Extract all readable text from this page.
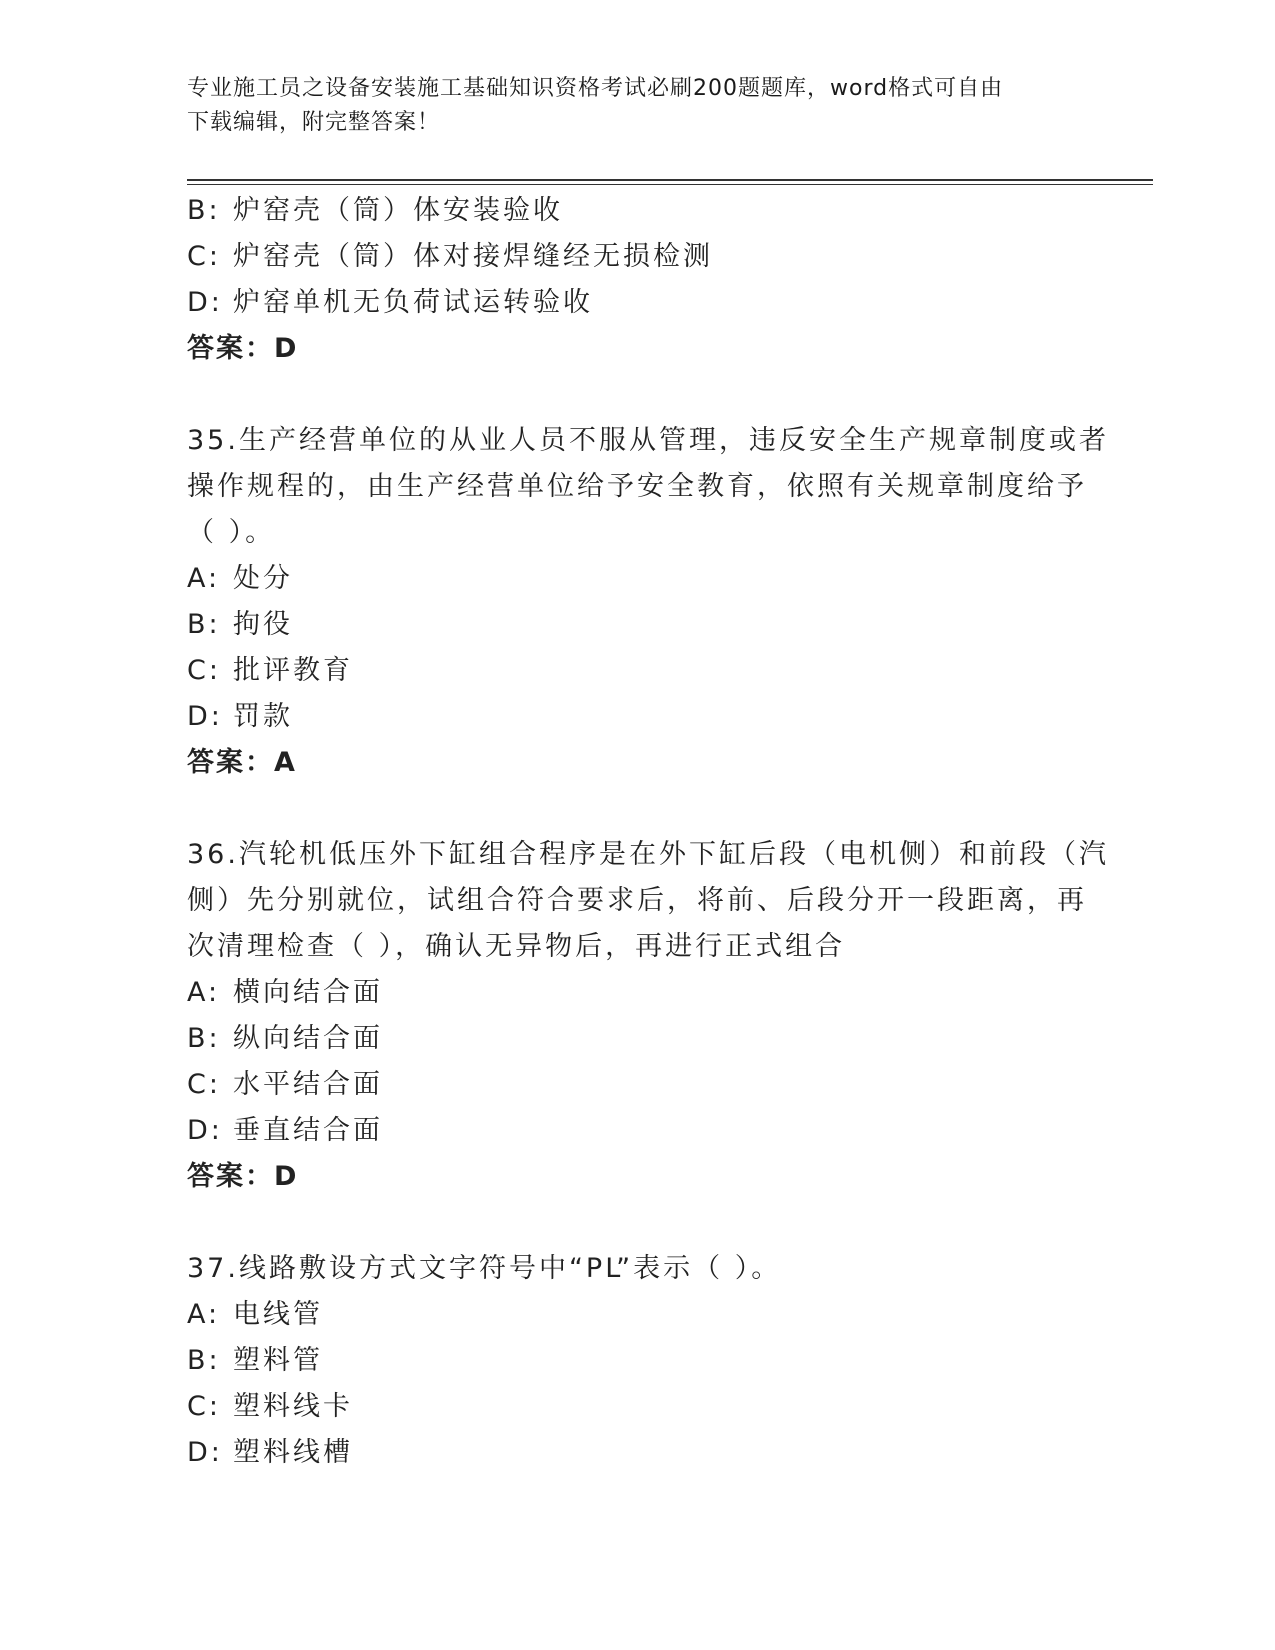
专业施工员之设备安装施工基础知识资格考试必刷200题题库，word格式可自由
下载编辑，附完整答案！
B: 炉窑壳（筒）体安装验收
C: 炉窑壳（筒）体对接焊缝经无损检测
D: 炉窑单机无负荷试运转验收
答案：D
35.生产经营单位的从业人员不服从管理，违反安全生产规章制度或者
操作规程的，由生产经营单位给予安全教育，依照有关规章制度给予
（ ）。
A: 处分
B: 拘役
C: 批评教育
D: 罚款
答案：A
36.汽轮机低压外下缸组合程序是在外下缸后段（电机侧）和前段（汽
侧）先分别就位，试组合符合要求后，将前、后段分开一段距离，再
次清理检查（ ），确认无异物后，再进行正式组合
A: 横向结合面
B: 纵向结合面
C: 水平结合面
D: 垂直结合面
答案：D
37.线路敷设方式文字符号中“PL”表示（ ）。
A: 电线管
B: 塑料管
C: 塑料线卡
D: 塑料线槽
